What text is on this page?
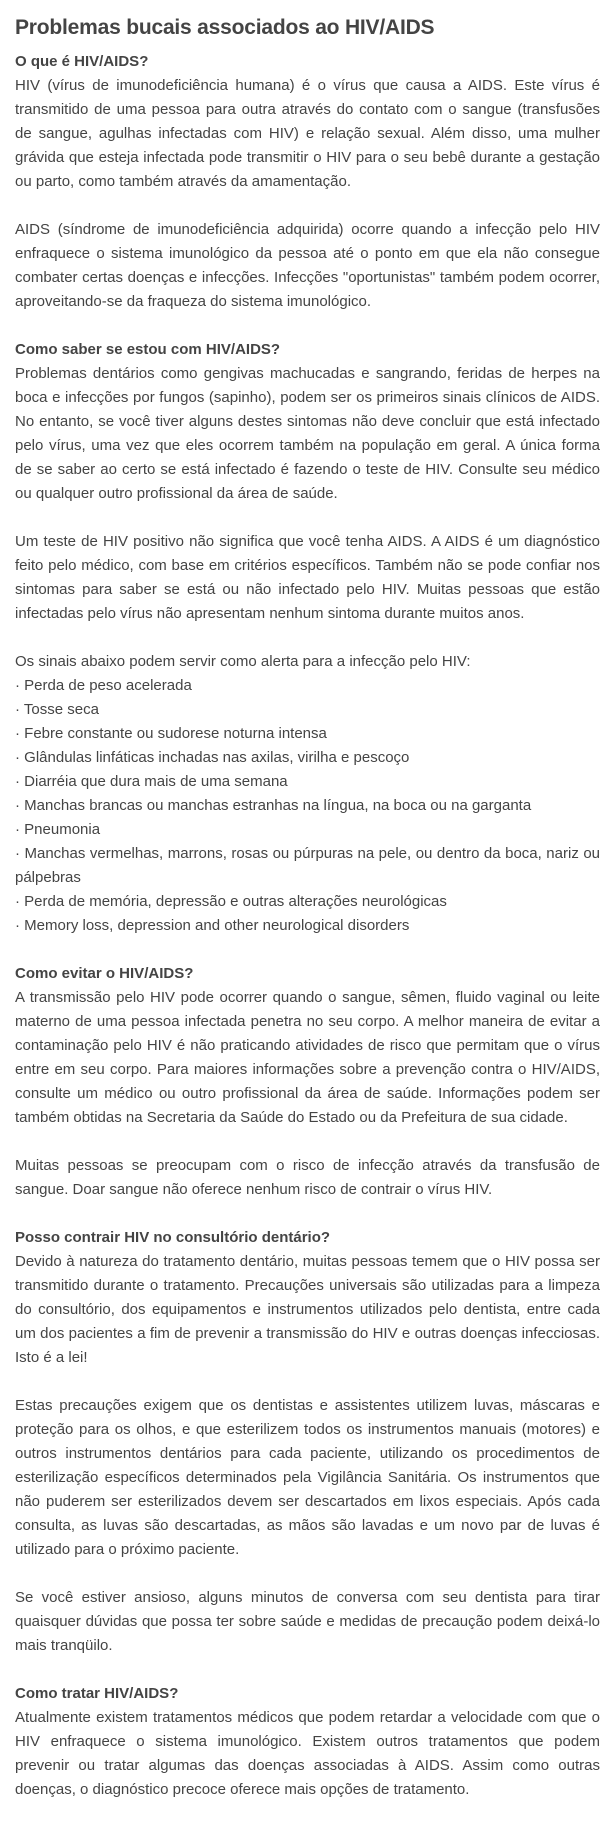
Problemas bucais associados ao HIV/AIDS
O que é HIV/AIDS?

HIV (vírus de imunodeficiência humana) é o vírus que causa a AIDS. Este vírus é transmitido de uma pessoa para outra através do contato com o sangue (transfusões de sangue, agulhas infectadas com HIV) e relação sexual. Além disso, uma mulher grávida que esteja infectada pode transmitir o HIV para o seu bebê durante a gestação ou parto, como também através da amamentação.

AIDS (síndrome de imunodeficiência adquirida) ocorre quando a infecção pelo HIV enfraquece o sistema imunológico da pessoa até o ponto em que ela não consegue combater certas doenças e infecções. Infecções "oportunistas" também podem ocorrer, aproveitando-se da fraqueza do sistema imunológico.

Como saber se estou com HIV/AIDS?

Problemas dentários como gengivas machucadas e sangrando, feridas de herpes na boca e infecções por fungos (sapinho), podem ser os primeiros sinais clínicos de AIDS. No entanto, se você tiver alguns destes sintomas não deve concluir que está infectado pelo vírus, uma vez que eles ocorrem também na população em geral. A única forma de se saber ao certo se está infectado é fazendo o teste de HIV. Consulte seu médico ou qualquer outro profissional da área de saúde.

Um teste de HIV positivo não significa que você tenha AIDS. A AIDS é um diagnóstico feito pelo médico, com base em critérios específicos. Também não se pode confiar nos sintomas para saber se está ou não infectado pelo HIV. Muitas pessoas que estão infectadas pelo vírus não apresentam nenhum sintoma durante muitos anos.

Os sinais abaixo podem servir como alerta para a infecção pelo HIV:

· Perda de peso acelerada
· Tosse seca
· Febre constante ou sudorese noturna intensa
· Glândulas linfáticas inchadas nas axilas, virilha e pescoço
· Diarréia que dura mais de uma semana
· Manchas brancas ou manchas estranhas na língua, na boca ou na garganta
· Pneumonia
· Manchas vermelhas, marrons, rosas ou púrpuras na pele, ou dentro da boca, nariz ou pálpebras
· Perda de memória, depressão e outras alterações neurológicas
· Memory loss, depression and other neurological disorders
Como evitar o HIV/AIDS?

A transmissão pelo HIV pode ocorrer quando o sangue, sêmen, fluido vaginal ou leite materno de uma pessoa infectada penetra no seu corpo. A melhor maneira de evitar a contaminação pelo HIV é não praticando atividades de risco que permitam que o vírus entre em seu corpo. Para maiores informações sobre a prevenção contra o HIV/AIDS, consulte um médico ou outro profissional da área de saúde. Informações podem ser também obtidas na Secretaria da Saúde do Estado ou da Prefeitura de sua cidade.

Muitas pessoas se preocupam com o risco de infecção através da transfusão de sangue. Doar sangue não oferece nenhum risco de contrair o vírus HIV.

Posso contrair HIV no consultório dentário?

Devido à natureza do tratamento dentário, muitas pessoas temem que o HIV possa ser transmitido durante o tratamento. Precauções universais são utilizadas para a limpeza do consultório, dos equipamentos e instrumentos utilizados pelo dentista, entre cada um dos pacientes a fim de prevenir a transmissão do HIV e outras doenças infecciosas. Isto é a lei!

Estas precauções exigem que os dentistas e assistentes utilizem luvas, máscaras e proteção para os olhos, e que esterilizem todos os instrumentos manuais (motores) e outros instrumentos dentários para cada paciente, utilizando os procedimentos de esterilização específicos determinados pela Vigilância Sanitária. Os instrumentos que não puderem ser esterilizados devem ser descartados em lixos especiais. Após cada consulta, as luvas são descartadas, as mãos são lavadas e um novo par de luvas é utilizado para o próximo paciente.

Se você estiver ansioso, alguns minutos de conversa com seu dentista para tirar quaisquer dúvidas que possa ter sobre saúde e medidas de precaução podem deixá-lo mais tranqüilo.

Como tratar HIV/AIDS?

Atualmente existem tratamentos médicos que podem retardar a velocidade com que o HIV enfraquece o sistema imunológico. Existem outros tratamentos que podem prevenir ou tratar algumas das doenças associadas à AIDS. Assim como outras doenças, o diagnóstico precoce oferece mais opções de tratamento.
